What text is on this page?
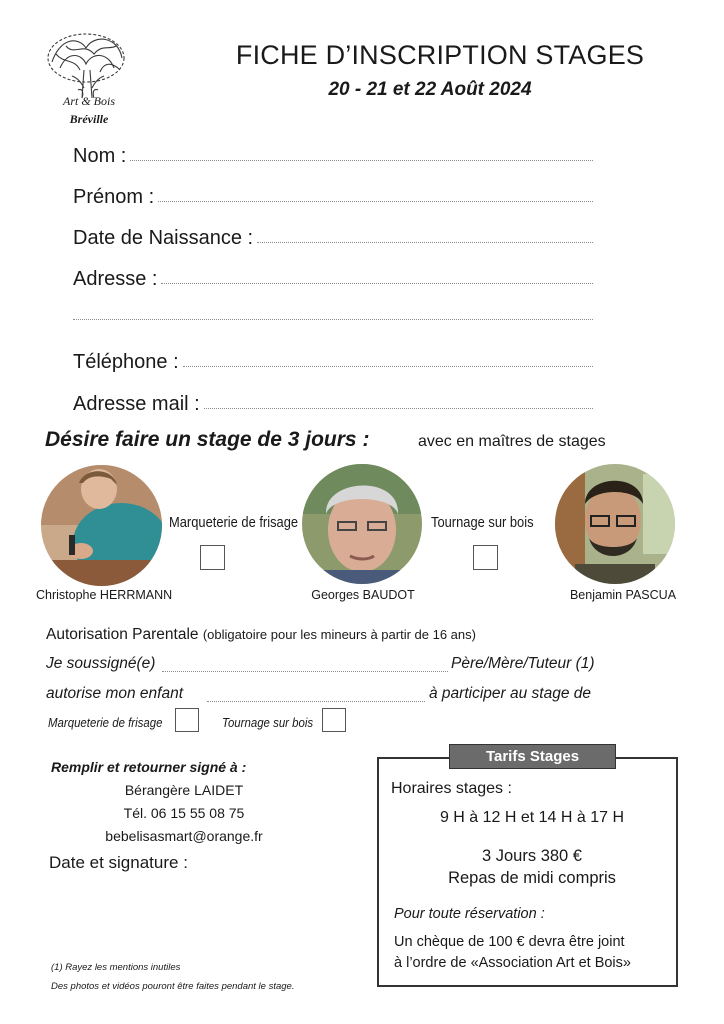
Art & Bois
Bréville
FICHE D’INSCRIPTION STAGES
20 - 21 et 22 Août 2024
Nom :
Prénom :
Date de Naissance :
Adresse :
Téléphone :
Adresse mail :
Désire faire un stage de 3 jours :	avec en maîtres de stages
Christophe HERRMANN
Marqueterie de frisage
Georges BAUDOT
Tournage sur bois
Benjamin PASCUA
Autorisation Parentale (obligatoire pour les mineurs à partir de 16 ans)
Je soussigné(e)	Père/Mère/Tuteur (1)
autorise mon enfant	à participer au stage de
Marqueterie de frisage	Tournage sur bois
Remplir et retourner signé à :
Bérangère LAIDET
Tél. 06 15 55 08 75
bebelisasmart@orange.fr
Date et signature :
(1) Rayez les mentions inutiles
Des photos et vidéos pouront être faites pendant le stage.
Tarifs Stages
Horaires stages :
9 H à 12 H et 14 H à 17 H
3 Jours 380 €
Repas de midi compris
Pour toute réservation :
Un chèque de 100 € devra être joint
à l’ordre de «Association Art et Bois»
